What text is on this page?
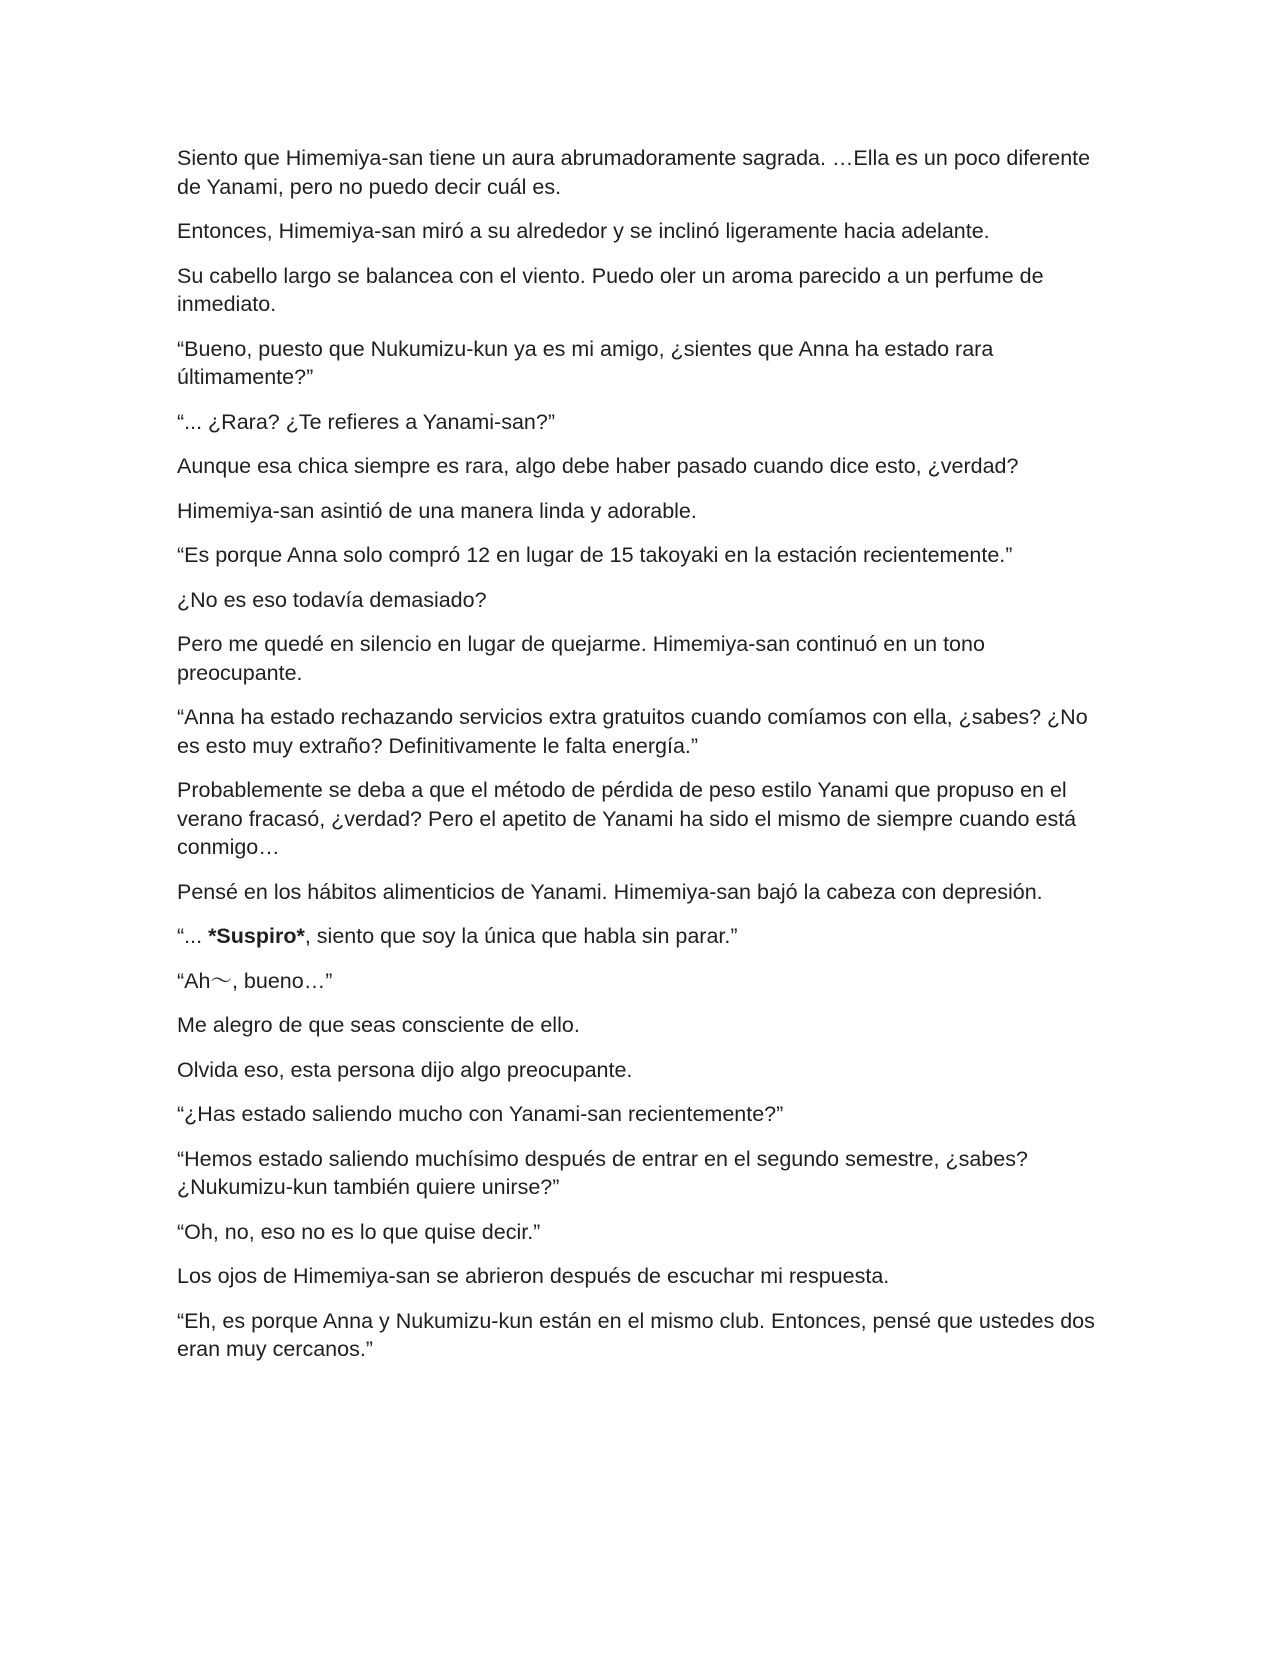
Siento que Himemiya-san tiene un aura abrumadoramente sagrada. …Ella es un poco diferente de Yanami, pero no puedo decir cuál es.

Entonces, Himemiya-san miró a su alrededor y se inclinó ligeramente hacia adelante.

Su cabello largo se balancea con el viento. Puedo oler un aroma parecido a un perfume de inmediato.

“Bueno, puesto que Nukumizu-kun ya es mi amigo, ¿sientes que Anna ha estado rara últimamente?”

“... ¿Rara? ¿Te refieres a Yanami-san?”

Aunque esa chica siempre es rara, algo debe haber pasado cuando dice esto, ¿verdad?

Himemiya-san asintió de una manera linda y adorable.

“Es porque Anna solo compró 12 en lugar de 15 takoyaki en la estación recientemente.”

¿No es eso todavía demasiado?

Pero me quedé en silencio en lugar de quejarme. Himemiya-san continuó en un tono preocupante.

“Anna ha estado rechazando servicios extra gratuitos cuando comíamos con ella, ¿sabes? ¿No es esto muy extraño? Definitivamente le falta energía.”

Probablemente se deba a que el método de pérdida de peso estilo Yanami que propuso en el verano fracasó, ¿verdad? Pero el apetito de Yanami ha sido el mismo de siempre cuando está conmigo…

Pensé en los hábitos alimenticios de Yanami. Himemiya-san bajó la cabeza con depresión.

“... *Suspiro*, siento que soy la única que habla sin parar.”

“Ah～, bueno…”

Me alegro de que seas consciente de ello.

Olvida eso, esta persona dijo algo preocupante.

“¿Has estado saliendo mucho con Yanami-san recientemente?”

“Hemos estado saliendo muchísimo después de entrar en el segundo semestre, ¿sabes? ¿Nukumizu-kun también quiere unirse?”

“Oh, no, eso no es lo que quise decir.”

Los ojos de Himemiya-san se abrieron después de escuchar mi respuesta.

“Eh, es porque Anna y Nukumizu-kun están en el mismo club. Entonces, pensé que ustedes dos eran muy cercanos.”
